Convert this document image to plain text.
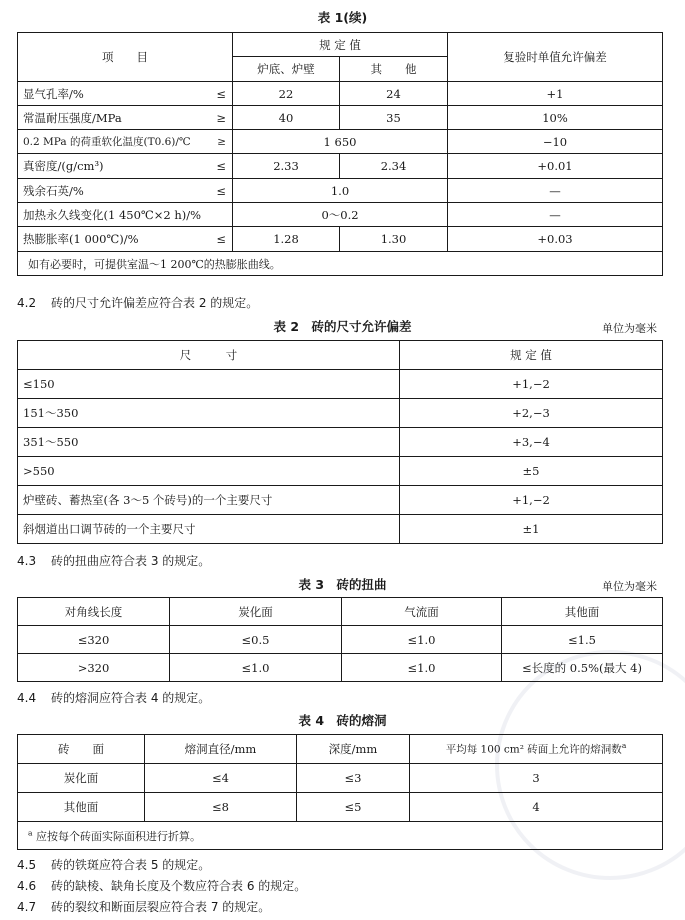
表 1(续)
项　　目	规 定 值		复验时单值允许偏差
	炉底、炉壁	其　　他	
显气孔率/% ≤	22	24	+1
常温耐压强度/MPa ≥	40	35	10%
0.2 MPa 的荷重软化温度(T0.6)/℃ ≥	1 650		−10
真密度/(g/cm³) ≤	2.33	2.34	+0.01
残余石英/% ≤	1.0		—
加热永久线变化(1 450℃×2 h)/%	0～0.2		—
热膨胀率(1 000℃)/% ≤	1.28	1.30	+0.03
如有必要时，可提供室温～1 200℃的热膨胀曲线。			
4.2 砖的尺寸允许偏差应符合表 2 的规定。
表 2　砖的尺寸允许偏差	单位为毫米
尺　　　寸	规 定 值
≤150	+1,−2
151～350	+2,−3
351～550	+3,−4
>550	±5
炉壁砖、蓄热室(各 3～5 个砖号)的一个主要尺寸	+1,−2
斜烟道出口调节砖的一个主要尺寸	±1
4.3 砖的扭曲应符合表 3 的规定。
表 3　砖的扭曲	单位为毫米
对角线长度	炭化面	气流面	其他面
≤320	≤0.5	≤1.0	≤1.5
>320	≤1.0	≤1.0	≤长度的 0.5%(最大 4)
4.4 砖的熔洞应符合表 4 的规定。
表 4　砖的熔洞
砖　　面	熔洞直径/mm	深度/mm	平均每 100 cm² 砖面上允许的熔洞数$^a$
炭化面	≤4	≤3	3
其他面	≤8	≤5	4
$^a$ 应按每个砖面实际面积进行折算。			
4.5 砖的铁斑应符合表 5 的规定。
4.6 砖的缺棱、缺角长度及个数应符合表 6 的规定。
4.7 砖的裂纹和断面层裂应符合表 7 的规定。
